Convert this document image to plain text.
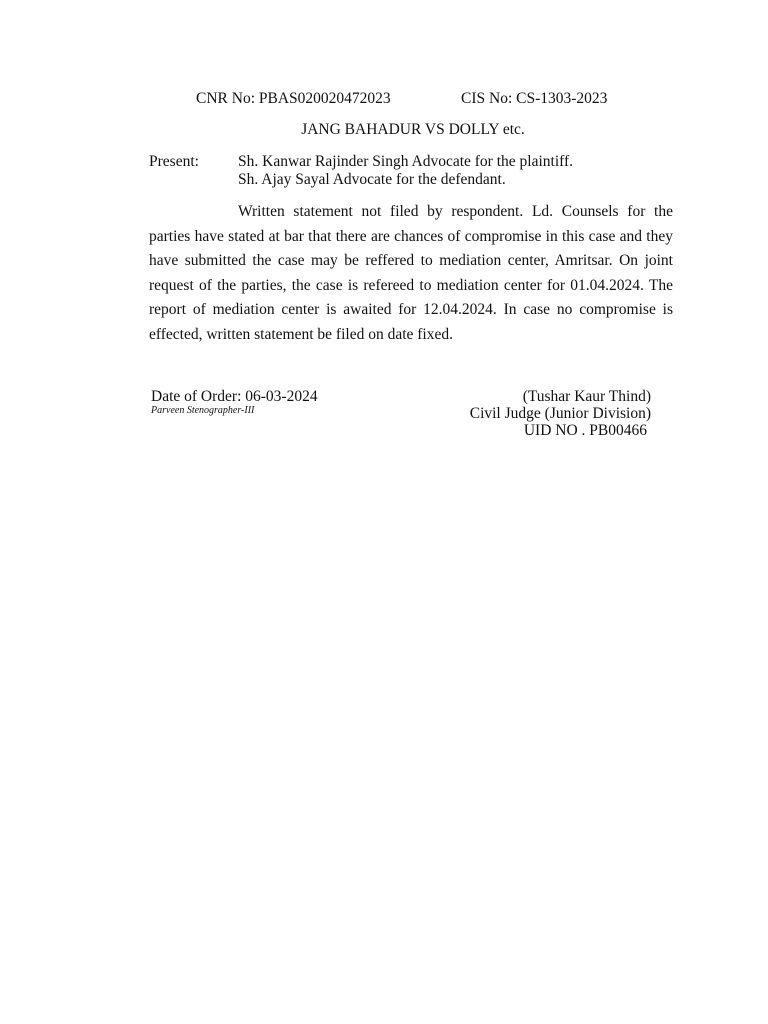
CNR No: PBAS020020472023	CIS No: CS-1303-2023
JANG BAHADUR VS DOLLY etc.
Present:	Sh. Kanwar Rajinder Singh Advocate for the plaintiff.
Sh. Ajay Sayal Advocate for the defendant.
Written statement not filed by respondent. Ld. Counsels for the parties have stated at bar that there are chances of compromise in this case and they have submitted the case may be reffered to mediation center, Amritsar. On joint request of the parties, the case is refereed to mediation center for 01.04.2024. The report of mediation center is awaited for 12.04.2024. In case no compromise is effected, written statement be filed on date fixed.
Date of Order: 06-03-2024
Parveen Stenographer-III
(Tushar Kaur Thind)
Civil Judge (Junior Division)
UID NO . PB00466
